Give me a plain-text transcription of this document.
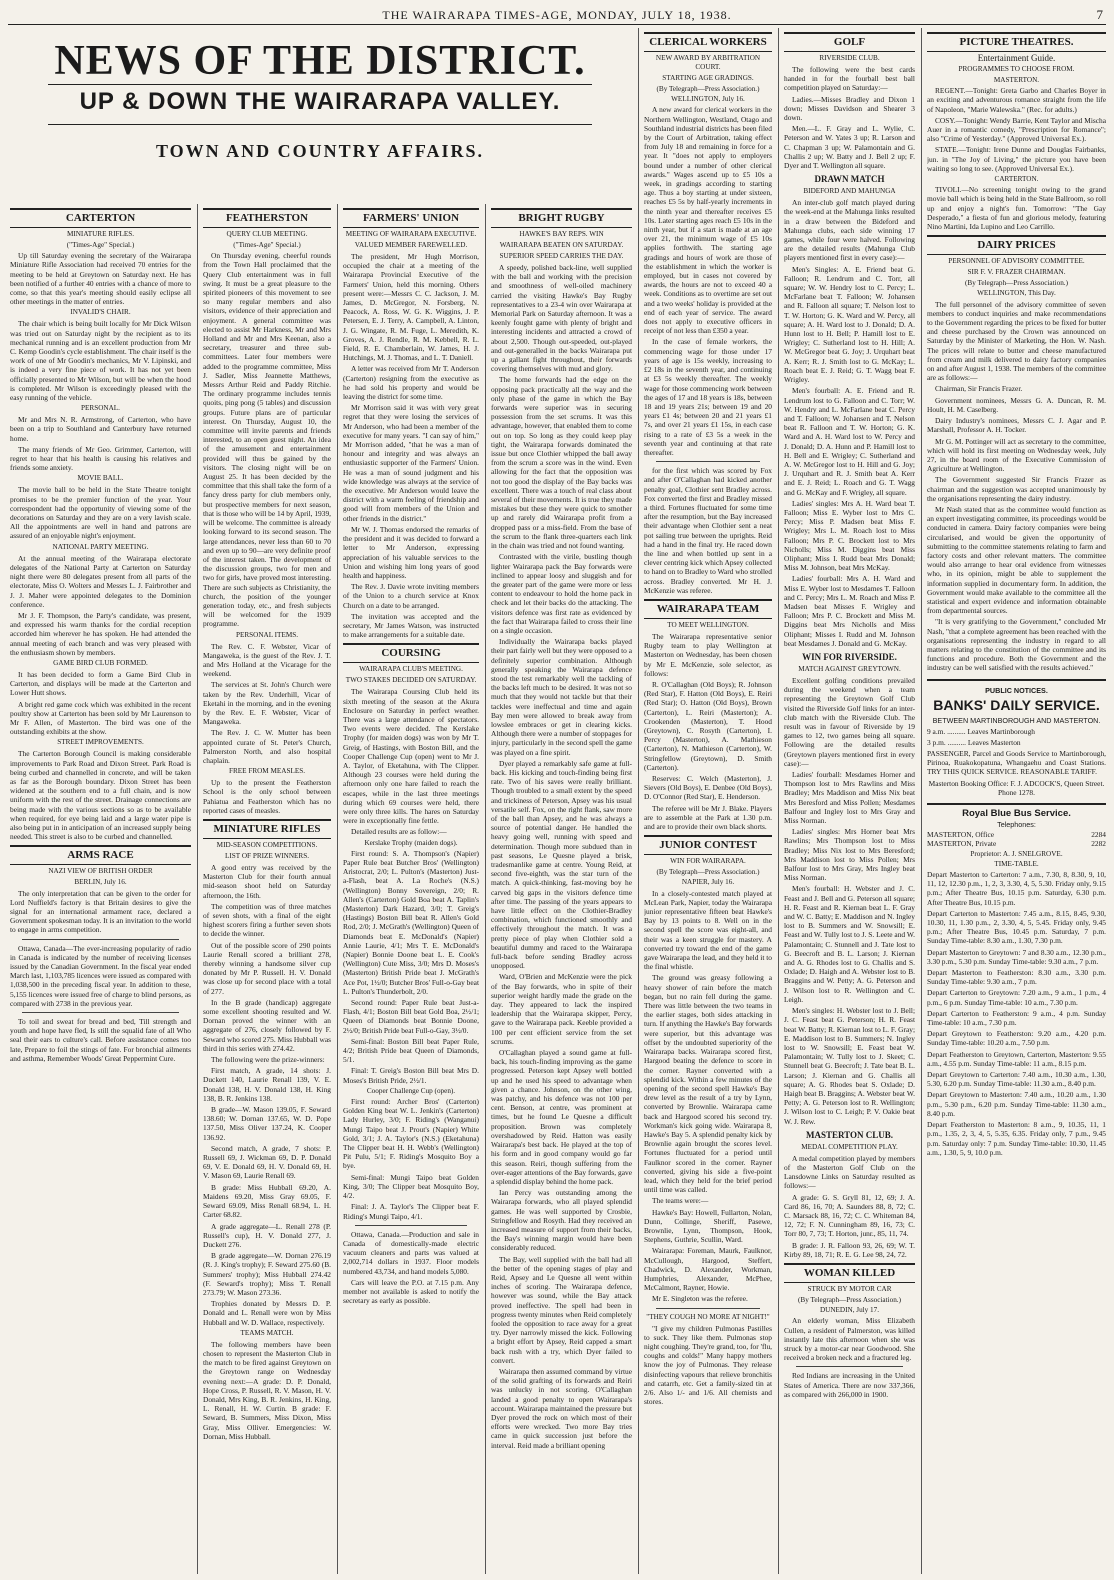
THE WAIRARAPA TIMES-AGE, MONDAY, JULY 18, 1938.	7
NEWS OF THE DISTRICT.
UP & DOWN THE WAIRARAPA VALLEY.
TOWN AND COUNTRY AFFAIRS.
CARTERTON
MINIATURE RIFLES.
("Times-Age" Special.)

Up till Saturday evening the secretary of the Wairarapa Miniature Rifle Association had received 70 entries for the meeting to be held at Greytown on Saturday next. He has been notified of a further 40 entries with a chance of more to come, so that this year's meeting should easily eclipse all other meetings in the matter of entries.

INVALID'S CHAIR.

The chair which is being built locally for Mr Dick Wilson was tried out on Saturday night by the recipient as to its mechanical running and is an excellent production from Mr C. Kemp Goodin's cycle establishment. The chair itself is the work of one of Mr Goodin's mechanics, Mr V. Lipinski, and is indeed a very fine piece of work. It has not yet been officially presented to Mr Wilson, but will be when the hood is completed. Mr Wilson is exceedingly pleased with the easy running of the vehicle.

PERSONAL.

Mr and Mrs N. R. Armstrong, of Carterton, who have been on a trip to Southland and Canterbury have returned home.

The many friends of Mr Geo. Grimmer, Carterton, will regret to hear that his health is causing his relatives and friends some anxiety.

MOVIE BALL.

The movie ball to be held in the State Theatre tonight promises to be the premier function of the year. Your correspondent had the opportunity of viewing some of the decorations on Saturday and they are on a very lavish scale. All the appointments are well in hand and patrons are assured of an enjoyable night's enjoyment.

NATIONAL PARTY MEETING.

At the annual meeting of the Wairarapa electorate delegates of the National Party at Carterton on Saturday night there were 80 delegates present from all parts of the electorate, Miss O. Wolters and Messrs L. J. Fairbrother and J. J. Maher were appointed delegates to the Dominion conference.

Mr J. F. Thompson, the Party's candidate, was present, and expressed his warm thanks for the cordial reception accorded him wherever he has spoken. He had attended the annual meeting of each branch and was very pleased with the enthusiasm shown by members.

GAME BIRD CLUB FORMED.

It has been decided to form a Game Bird Club in Carterton, and displays will be made at the Carterton and Lower Hutt shows.

A bright red game cock which was exhibited in the recent poultry show at Carterton has been sold by Mr Laurenson to Mr F. Allen, of Masterton. The bird was one of the outstanding exhibits at the show.

STREET IMPROVEMENTS.

The Carterton Borough Council is making considerable improvements to Park Road and Dixon Street. Park Road is being curbed and channelled in concrete, and will be taken as far as the Borough boundary. Dixon Street has been widened at the southern end to a full chain, and is now uniform with the rest of the street. Drainage connections are being made with the various sections so as to be available when required, for eye being laid and a large water pipe is also being put in in anticipation of an increased supply being needed. This street is also to be curbed and channelled.

ARMS RACE
NAZI VIEW OF BRITISH ORDER
BERLIN, July 16.

The only interpretation that can be given to the order for Lord Nuffield's factory is that Britain desires to give the signal for an international armament race, declared a Government spokesman today. It is an invitation to the world to engage in arms competition.

Ottawa, Canada—The ever-increasing popularity of radio in Canada is indicated by the number of receiving licenses issued by the Canadian Government. In the fiscal year ended March last, 1,103,785 licences were issued as compared with 1,038,500 in the preceding fiscal year. In addition to these, 5,155 licences were issued free of charge to blind persons, as compared with 2738 in the previous year.

To toil and sweat for bread and bed, Till strength and youth and hope have fled, Is still the squalid fate of all Who seal their ears to culture's call. Before assistance comes too late, Prepare to foil the stings of fate. For bronchial ailments and asthma, Remember Woods' Great Peppermint Cure.

FEATHERSTON
QUERY CLUB MEETING.
("Times-Age" Special.)

On Thursday evening, cheerful rounds from the Town Hall proclaimed that the Query Club entertainment was in full swing. It must be a great pleasure to the spirited pioneers of this movement to see so many regular members and also visitors, evidence of their appreciation and enjoyment. A general committee was elected to assist Mr Harkness, Mr and Mrs Holland and Mr and Mrs Keenan, also a secretary, treasurer and three sub-committees. Later four members were added to the programme committee, Miss J. Sadler, Miss Jeannette Matthews, Messrs Arthur Reid and Paddy Ritchie. The ordinary programme includes tennis quoits, ping pong (5 tables) and discussion groups. Future plans are of particular interest. On Thursday, August 10, the committee will invite parents and friends interested, to an open guest night. An idea of the amusement and entertainment provided will thus be gained by the visitors. The closing night will be on August 25. It has been decided by the committee that this shall take the form of a fancy dress party for club members only, but prospective members for next season, that is those who will be 14 by April, 1939, will be welcome. The committee is already looking forward to its second season. The large attendances, never less than 60 to 70 and even up to 90—are very definite proof of the interest taken. The development of the discussion groups, two for men and two for girls, have proved most interesting. There are such subjects as Christianity, the church, the position of the younger generation today, etc., and fresh subjects will be welcomed for the 1939 programme.

PERSONAL ITEMS.

The Rev. C. F. Webster, Vicar of Mangaweka, is the guest of the Rev. J. T. and Mrs Holland at the Vicarage for the weekend.

The services at St. John's Church were taken by the Rev. Underhill, Vicar of Eketahi in the morning, and in the evening by the Rev. E. F. Webster, Vicar of Mangaweka.

The Rev. J. C. W. Mutter has been appointed curate of St. Peter's Church, Palmerston North, and also hospital chaplain.

FREE FROM MEASLES.

Up to the present the Featherston School is the only school between Pahiatua and Featherston which has no reported cases of measles.

MINIATURE RIFLES
MID-SEASON COMPETITIONS.
LIST OF PRIZE WINNERS.

A good entry was received by the Masterton Club for their fourth annual mid-season shoot held on Saturday afternoon, the 16th.

The competition was of three matches of seven shots, with a final of the eight highest scorers firing a further seven shots to decide the winner.

Out of the possible score of 290 points Laurie Renall scored a brilliant 278, thereby winning a handsome silver cup donated by Mr P. Russell. H. V. Donald was close up for second place with a total of 277.

In the B grade (handicap) aggregate some excellent shooting resulted and W. Dornan proved the winner with an aggregate of 276, closely followed by F. Seward who scored 275. Miss Hubball was third in this series with 274.42.

The following were the prize-winners:

First match, A grade, 14 shots: J. Duckett 140, Laurie Renall 139, V. E. Donald 138, H. V. Donald 138, H. King 138, B. R. Jenkins 138.

B grade—W. Mason 139.05, F. Seward 138.60; W. Dornan 137.65, W. D. Pope 137.50, Miss Oliver 137.24, K. Cooper 136.92.

Second match, A grade, 7 shots: P. Russell 69, J. Wickman 69, D. P. Donald 69, V. E. Donald 69, H. V. Donald 69, H. V. Mason 69, Laurie Renall 69.

B grade: Miss Hubball 69.20, A. Maidens 69.20, Miss Gray 69.05, F. Seward 69.09, Miss Renall 68.94, L. H. Carter 68.82.

A grade aggregate—L. Renall 278 (P. Russell's cup), H. V. Donald 277, J. Duckett 276.

B grade aggregate—W. Dornan 276.19 (R. J. King's trophy); F. Seward 275.60 (B. Summers' trophy); Miss Hubball 274.42 (F. Seward's trophy); Miss T. Renall 273.79; W. Mason 273.36.

Trophies donated by Messrs D. P. Donald and L. Renall were won by Miss Hubball and W. D. Wallace, respectively.

TEAMS MATCH.

The following members have been chosen to represent the Masterton Club in the match to be fired against Greytown on the Greytown range on Wednesday evening next:—A grade: D. P. Donald, Hope Cross, P. Russell, R. V. Mason, H. V. Donald, Mrs King, B. R. Jenkins, H. King, L. Renall, H. W. Curtin. B grade: F. Seward, B. Summers, Miss Dixon, Miss Gray, Miss Olliver. Emergencies: W. Dornan, Miss Hubball.

FARMERS' UNION
MEETING OF WAIRARAPA EXECUTIVE.
VALUED MEMBER FAREWELLED.

The president, Mr Hugh Morrison, occupied the chair at a meeting of the Wairarapa Provincial Executive of the Farmers' Union, held this morning. Others present were:—Messrs C. C. Jackson, J. M. James, D. McGregor, N. Forsberg, N. Peacock, A. Ross, W. G. K. Wiggins, J. P. Petersen, E. J. Terry, A. Campbell, A. Linton, J. G. Wingate, R. M. Fuge, L. Meredith, K. Groves, A. J. Rendle, R. M. Kebbell, R. L. Field, R. E. Chamberlain, W. James, H. J. Hutchings, M. J. Thomas, and L. T. Daniell.

A letter was received from Mr T. Anderson (Carterton) resigning from the executive as he had sold his property and would be leaving the district for some time.

Mr Morrison said it was with very great regret that they were losing the services of Mr Anderson, who had been a member of the executive for many years. "I can say of him," Mr Morrison added, "that he was a man of honour and integrity and was always an enthusiastic supporter of the Farmers' Union. He was a man of sound judgment and his wide knowledge was always at the service of the executive. Mr Anderson would leave the district with a warm feeling of friendship and good will from members of the Union and other friends in the district."

Mr W. J. Thomas endorsed the remarks of the president and it was decided to forward a letter to Mr Anderson, expressing appreciation of his valuable services to the Union and wishing him long years of good health and happiness.

The Rev. J. Davie wrote inviting members of the Union to a church service at Knox Church on a date to be arranged.

The invitation was accepted and the secretary, Mr James Watson, was instructed to make arrangements for a suitable date.

COURSING
WAIRARAPA CLUB'S MEETING.
TWO STAKES DECIDED ON SATURDAY.

The Wairarapa Coursing Club held its sixth meeting of the season at the Akura Enclosure on Saturday in perfect weather. There was a large attendance of spectators. Two events were decided. The Kerslake Trophy (for maiden dogs) was won by Mr T. Greig, of Hastings, with Boston Bill, and the Cooper Challenge Cup (open) went to Mr J. A. Taylor, of Eketahuna, with The Clipper. Although 23 courses were held during the afternoon only one hare failed to reach the escapes, while in the last three meetings during which 69 courses were held, there were only three kills. The hares on Saturday were in exceptionally fine fettle.

Detailed results are as follow:—

Kerslake Trophy (maiden dogs).

First round: S. A. Thompson's (Napier) Paper Rule beat Butcher Bros' (Wellington) Aristocrat, 2/0; L. Pulton's (Masterton) Just-a-Flash, beat A. La Roche's (N.S.) (Wellington) Bonny Sovereign, 2/0; R. Allen's (Carterton) Gold Boa beat A. Taplin's (Masterton) Dark Hazard, 3/0; T. Greig's (Hastings) Boston Bill beat R. Allen's Gold Rod, 2/0; J. McGrath's (Wellington) Queen of Diamonds beat E. McDonald's (Napier) Annie Laurie, 4/1; Mrs T. E. McDonald's (Napier) Bonnie Doone beat L. E. Cook's (Wellington) Cute Miss, 3/0; Mrs D. Moses's (Masterton) British Pride beat J. McGrath's Ace Pot, 1½/0; Butcher Bros' Full-o-Gay beat L. Pulton's Thunderbolt, 2/0.

Second round: Paper Rule beat Just-a-Flash, 4/1; Boston Bill beat Gold Boa, 2½/1; Queen of Diamonds beat Bonnie Doone, 2½/0; British Pride beat Full-o-Gay, 3½/0.

Semi-final: Boston Bill beat Paper Rule, 4/2; British Pride beat Queen of Diamonds, 5/1.

Final: T. Greig's Boston Bill beat Mrs D. Moses's British Pride, 2½/1.

Cooper Challenge Cup (open).

First round: Archer Bros' (Carterton) Golden King beat W. L. Jenkin's (Carterton) Lady Hurley, 3/0; F. Riding's (Wanganui) Mungi Taipo beat J. Prout's (Napier) White Gold, 3/1; J. A. Taylor's (N.S.) (Eketahuna) The Clipper beat H. H. Webb's (Wellington) Pit Pulu, 5/1; F. Riding's Mosquito Boy a bye.

Semi-final: Mungi Taipo beat Golden King, 3/0; The Clipper beat Mosquito Boy, 4/2.

Final: J. A. Taylor's The Clipper beat F. Riding's Mungi Taipo, 4/1.

Ottawa, Canada.—Production and sale in Canada of domestically-made electric vacuum cleaners and parts was valued at 2,002,714 dollars in 1937. Floor models numbered 43,734, and hand models 5,080.

Cars will leave the P.O. at 7.15 p.m. Any member not available is asked to notify the secretary as early as possible.

BRIGHT RUGBY
HAWKE'S BAY REPS. WIN
WAIRARAPA BEATEN ON SATURDAY.
SUPERIOR SPEED CARRIES THE DAY.

A speedy, polished back-line, well supplied with the ball and working with the precision and smoothness of well-oiled machinery carried the visiting Hawke's Bay Rugby representatives to a 23-4 win over Wairarapa at Memorial Park on Saturday afternoon. It was a keenly fought game with plenty of bright and interesting incidents and attracted a crowd of about 2,500. Though out-speeded, out-played and out-generalled in the backs Wairarapa put up a gallant fight throughout, their forwards covering themselves with mud and glory.

The home forwards had the edge on the opposing pack practically all the way and the only phase of the game in which the Bay forwards were superior was in securing possession from the set scrums. It was this advantage, however, that enabled them to come out on top. So long as they could keep play tight, the Wairarapa forwards dominated the issue but once Clothier whipped the ball away from the scrum a score was in the wind. Even allowing for the fact that the opposition was not too good the display of the Bay backs was excellent. There was a touch of real class about several of their movements. It is true they made mistakes but these they were quick to smother up and rarely did Wairarapa profit from a dropped pass or a miss-field. From the base of the scrum to the flank three-quarters each link in the chain was tried and not found wanting.

Contrasted with the virile, bustling though lighter Wairarapa pack the Bay forwards were inclined to appear loosy and sluggish and for the greater part of the game were more or less content to endeavour to hold the home pack in check and let their backs do the attacking. The visitors defence was first rate as evidenced by the fact that Wairarapa failed to cross their line on a single occasion.

Individually the Wairarapa backs played their part fairly well but they were opposed to a definitely superior combination. Although generally speaking the Wairarapa defence stood the test remarkably well the tackling of the backs left much to be desired. It was not so much that they would not tackle but that their tackles were ineffectual and time and again Bay men were allowed to break away from lowslee embraces or get in clearing kicks. Although there were a number of stoppages for injury, particularly in the second spell the game was played on a fine spirit.

Dyer played a remarkably safe game at full-back. His kicking and touch-finding being first rate. Two of his saves were really brilliant. Though troubled to a small extent by the speed and trickiness of Peterson, Apsey was his usual versatile self. Fox, on the right flank, saw more of the ball than Apsey, and he was always a source of potential danger. He handled the heavy going well, running with speed and determination. Though more subdued than in past seasons, Le Quesne played a brisk, tradesmanlike game at centre. Young Reid, at second five-eighth, was the star turn of the match. A quick-thinking, fast-moving boy he carved big gaps in the visitors defence time after time. The passing of the years appears to have little effect on the Clothier-Bradley combination, which functioned smoothly and effectively throughout the match. It was a pretty piece of play when Clothier sold a beautiful dummy and raced to the Wairarapa full-back before sending Bradley across unopposed.

Ward, O'Brien and McKenzie were the pick of the Bay forwards, who in spite of their superior weight hardly made the grade on the day. They appeared to lack the inspired leadership that the Wairarapa skipper, Percy, gave to the Wairarapa pack. Keeble provided a 100 per cent efficient service from the set scrums.

O'Callaghan played a sound game at full-back, his touch-finding improving as the game progressed. Peterson kept Apsey well bottled up and he used his speed to advantage when given a chance. Johnson, on the other wing, was patchy, and his defence was not 100 per cent. Benson, at centre, was prominent at times, but he found Le Quesne a difficult proposition. Brown was completely overshadowed by Reid. Hatton was easily Wairarapa's best back. He played at the top of his form and in good company would go far this season. Reiri, though suffering from the over-eager attentions of the Bay forwards, gave a splendid display behind the home pack.

Ian Percy was outstanding among the Wairarapa forwards, who all played splendid games. He was well supported by Crosbie, Stringfellow and Rosyth. Had they received an increased measure of support from their backs, the Bay's winning margin would have been considerably reduced.

The Bay, well supplied with the ball had all the better of the opening stages of play and Reid, Apsey and Le Quesne all went within inches of scoring. The Wairarapa defence, however was sound, while the Bay attack proved ineffective. The spell had been in progress twenty minutes when Reid completely fooled the opposition to race away for a great try. Dyer narrowly missed the kick. Following a bright effort by Apsey, Reid capped a smart back rush with a try, which Dyer failed to convert.

Wairarapa then assumed command by virtue of the solid grafting of its forwards and Reiri was unlucky in not scoring. O'Callaghan landed a good penalty to open Wairarapa's account. Wairarapa maintained the pressure but Dyer proved the rock on which most of their efforts were wrecked. Two more Bay tries came in quick succession just before the interval. Reid made a brilliant opening

CLERICAL WORKERS
NEW AWARD BY ARBITRATION COURT.
STARTING AGE GRADINGS.
(By Telegraph—Press Association.)
WELLINGTON, July 16.

A new award for clerical workers in the Northern Wellington, Westland, Otago and Southland industrial districts has been filed by the Court of Arbitration, taking effect from July 18 and remaining in force for a year. It "does not apply to employers bound under a number of other clerical awards." Wages ascend up to £5 10s a week, in gradings according to starting age. Thus a boy starting at under sixteen, reaches £5 5s by half-yearly increments in the ninth year and thereafter receives £5 10s. Later starting ages reach £5 10s in the ninth year, but if a start is made at an age over 21, the minimum wage of £5 10s applies forthwith. The starting age gradings and hours of work are those of the establishment in which the worker is employed, but in cases not covered by awards, the hours are not to exceed 40 a week. Conditions as to overtime are set out and a two weeks' holiday is provided at the end of each year of service. The award does not apply to executive officers in receipt of not less than £350 a year.

In the case of female workers, the commencing wage for those under 17 years of age is 15s weekly, increasing to £2 18s in the seventh year, and continuing at £3 5s weekly thereafter. The weekly wage for those commencing work between the ages of 17 and 18 years is 18s, between 18 and 19 years 21s; between 19 and 20 years £1 4s; between 20 and 21 years £1 7s, and over 21 years £1 15s, in each case rising to a rate of £3 5s a week in the seventh year and continuing at that rate thereafter.

for the first which was scored by Fox and after O'Callaghan had kicked another penalty goal, Clothier sent Bradley across. Fox converted the first and Bradley missed a third. Fortunes fluctuated for some time after the resumption, but the Bay increased their advantage when Clothier sent a neat pot sailing true between the uprights. Reid had a hand in the final try. He raced down the line and when bottled up sent in a clever centring kick which Apsey collected to hand on to Bradley to Ward who strolled across. Bradley converted. Mr H. J. McKenzie was referee.

WAIRARAPA TEAM
TO MEET WELLINGTON.

The Wairarapa representative senior Rugby team to play Wellington at Masterton on Wednesday, has been chosen by Mr E. McKenzie, sole selector, as follows:

R. O'Callaghan (Old Boys); R. Johnson (Red Star), F. Hatton (Old Boys), E. Reiri (Red Star); O. Hatton (Old Boys), Brown (Carterton), L. Reiri (Masterton); A. Crookenden (Masterton), T. Hood (Greytown), C. Rosyth (Carterton), I. Percy (Masterton), A. Mathieson (Carterton), N. Mathieson (Carterton), W. Stringfellow (Greytown), D. Smith (Carterton).

Reserves: C. Welch (Masterton), J. Sievers (Old Boys), E. Denbee (Old Boys), D. O'Connor (Red Star), E. Henderson.

The referee will be Mr J. Blake. Players are to assemble at the Park at 1.30 p.m. and are to provide their own black shorts.

JUNIOR CONTEST
WIN FOR WAIRARAPA.
(By Telegraph—Press Association.)
NAPIER, July 16.

In a closely-contested match played at McLean Park, Napier, today the Wairarapa junior representative fifteen beat Hawke's Bay by 13 points to 8. Well on in the second spell the score was eight-all, and their was a keen struggle for mastery. A converted try toward the end of the game gave Wairarapa the lead, and they held it to the final whistle.

The ground was greasy following a heavy shower of rain before the match began, but no rain fell during the game. There was little between the two teams in the earlier stages, both sides attacking in turn. If anything the Hawke's Bay forwards were superior, but this advantage was offset by the undoubted superiority of the Wairarapa backs. Wairarapa scored first, Hargood beating the defence to score in the corner. Rayner converted with a splendid kick. Within a few minutes of the opening of the second spell Hawke's Bay drew level as the result of a try by Lynn, converted by Brownlie. Wairarapa came back and Hargood scored his second try. Workman's kick going wide. Wairarapa 8, Hawke's Bay 5. A splendid penalty kick by Brownlie again brought the scores level. Fortunes fluctuated for a period until Faulknor scored in the corner. Rayner converted, giving his side a five-point lead, which they held for the brief period until time was called.

The teams were:—

Hawke's Bay: Howell, Fullarton, Nolan, Dunn, Collinge, Sheriff, Pasewe, Brownlie, Lynn, Thompson, Hook, Stephens, Guthrie, Scullin, Ward.

Wairarapa: Foreman, Maurk, Faulknor, McCullough, Hargood, Steffert, Chadwick, D. Alexander, Workman, Humphries, Alexander, McPhee, McCalmont, Rayner, Howie.

Mr E. Singleton was the referee.

"THEY COUGH NO MORE AT NIGHT!"

"I give my children Pulmonas Pastilles to suck. They like them. Pulmonas stop night coughing. They're grand, too, for 'flu, coughs and colds!" Many happy mothers know the joy of Pulmonas. They release disinfecting vapours that relieve bronchitis and catarrh, etc. Get a family-sized tin at 2/6. Also 1/- and 1/6. All chemists and stores.

GOLF
RIVERSIDE CLUB.

The following were the best cards handed in for the fourball best ball competition played on Saturday:—

Ladies.—Misses Bradley and Dixon 1 down; Misses Davidson and Shearer 3 down.

Men.—L. F. Gray and L. Wylie, C. Peterson and W. Yates 3 up; R. Larson and C. Chapman 3 up; W. Palamontain and G. Challis 2 up; W. Batty and J. Bell 2 up; F. Dyer and T. Wellington all square.

DRAWN MATCH
BIDEFORD AND MAHUNGA

An inter-club golf match played during the week-end at the Mahunga links resulted in a draw between the Bideford and Mahunga clubs, each side winning 17 games, while four were halved. Following are the detailed results (Mahunga Club players mentioned first in every case):—

Men's Singles: A. E. Friend beat G. Falloon; R. Lendrum and C. Torr, all square; W. W. Hendry lost to C. Percy; L. McFarlane beat T. Falloon; W. Johansen and R. Falloon all square; T. Nelson lost to T. W. Horton; G. K. Ward and W. Percy, all square; A. H. Ward lost to J. Donald; D. A. Hunn lost to H. Bell; P. Hamill lost to E. Wrigley; C. Sutherland lost to H. Hill; A. W. McGregor beat G. Joy; J. Urquhart beat A. Kerr; R. J. Smith lost to G. McKay; L. Roach beat E. J. Reid; G. T. Wagg beat F. Wrigley.

Men's fourball: A. E. Friend and R. Lendrum lost to G. Falloon and C. Torr; W. W. Hendry and L. McFarlane beat C. Percy and T. Falloon; W. Johansen and T. Nelson beat R. Falloon and T. W. Horton; G. K. Ward and A. H. Ward lost to W. Percy and J. Donald; D. A. Hunn and P. Hamill lost to H. Bell and E. Wrigley; C. Sutherland and A. W. McGregor lost to H. Hill and G. Joy; J. Urquhart and R. J. Smith beat A. Kerr and E. J. Reid; L. Roach and G. T. Wagg and G. McKay and F. Wrigley, all square.

Ladies' singles: Mrs A. H. Ward beat T. Falloon; Miss E. Wyber lost to Mrs C. Percy; Miss P. Madsen beat Miss F. Wrigley; Mrs L. M. Roach lost to Miss Falloon; Mrs P. C. Brockett lost to Mrs Nicholls; Miss M. Diggins beat Miss Oliphant; Miss I. Rudd beat Mrs Donald; Miss M. Johnson, beat Mrs McKay.

Ladies' fourball: Mrs A. H. Ward and Miss E. Wyber lost to Mesdames T. Falloon and C. Percy; Mrs L. M. Roach and Miss P. Madsen beat Misses F. Wrigley and Falloon; Mrs P. C. Brockett and Miss M. Diggins beat Mrs Nicholls and Miss Oliphant; Misses I. Rudd and M. Johnson beat Mesdames J. Donald and G. McKay.

WIN FOR RIVERSIDE.
MATCH AGAINST GREYTOWN.

Excellent golfing conditions prevailed during the weekend when a team representing the Greytown Golf Club visited the Riverside Golf links for an inter-club match with the Riverside Club. The result was in favour of Riverside by 19 games to 12, two games being all square. Following are the detailed results (Greytown players mentioned first in every case):—

Ladies' fourball: Mesdames Horner and Thompson lost to Mrs Rawlins and Miss Bradley; Mrs Maddison and Miss Nix beat Mrs Beresford and Miss Pollen; Mesdames Balfour and Ingley lost to Mrs Gray and Miss Norman.

Ladies' singles: Mrs Horner beat Mrs Rawlins; Mrs Thompson lost to Miss Bradley; Miss Nix lost to Mrs Beresford; Mrs Maddison lost to Miss Pollen; Mrs Balfour lost to Mrs Gray, Mrs Ingley beat Miss Norman.

Men's fourball: H. Webster and J. C. Feast and J. Bell and G. Peterson all square; H. R. Feast and R. Kiernan beat L. F. Gray and W. C. Batty; E. Maddison and N. Ingley lost to B. Summers and W. Snowsill; E. Feast and W. Tully lost to J. S. Leete and W. Palamontain; C. Stunnell and J. Tate lost to G. Beecroft and B. L. Larson; J. Kiernan and A. G. Rhodes lost to G. Challis and S. Oxlade; D. Haigh and A. Webster lost to B. Braggins and W. Petty; A. G. Peterson and J. Wilson lost to R. Wellington and C. Leigh.

Men's singles: H. Webster lost to J. Bell; J. C. Feast beat G. Peterson; H. R. Feast beat W. Batty; R. Kiernan lost to L. F. Gray; E. Maddison lost to B. Summers; N. Ingley lost to W. Snowsill; E. Feast beat W. Palamontain; W. Tully lost to J. Skeet; C. Stunnell beat G. Beecroft; J. Tate beat B. L. Larson; J. Kiernan and G. Challis all square; A. G. Rhodes beat S. Oxlade; D. Haigh beat B. Braggins; A. Webster beat W. Petty; A. G. Peterson lost to R. Wellington; J. Wilson lost to C. Leigh; P. V. Oakie beat W. J. Rew.

MASTERTON CLUB.
MEDAL COMPETITION PLAY.

A medal competition played by members of the Masterton Golf Club on the Lansdowne Links on Saturday resulted as follows:—

A grade: G. S. Gryll 81, 12, 69; J. A. Card 86, 16, 70; A. Saunders 88, 8, 72; C. C. Marsack 88, 16, 72; C. C. Whiteman 84, 12, 72; F. N. Cunningham 89, 16, 73; C. Torr 80, 7, 73; T. Horton, junr., 85, 11, 74.

B grade: J. R. Falloon 93, 26, 69; W. T. Kirby 89, 18, 71; R. E. G. Lee 98, 24, 72.

WOMAN KILLED
STRUCK BY MOTOR CAR
(By Telegraph—Press Association.)
DUNEDIN, July 17.

An elderly woman, Miss Elizabeth Cullen, a resident of Palmerston, was killed instantly late this afternoon when she was struck by a motor-car near Goodwood. She received a broken neck and a fractured leg.

Red Indians are increasing in the United States of America. There are now 337,366, as compared with 266,000 in 1900.

PICTURE THEATRES.
Entertainment Guide.
PROGRAMMES TO CHOOSE FROM.
MASTERTON.

REGENT.—Tonight: Greta Garbo and Charles Boyer in an exciting and adventurous romance straight from the life of Napoleon, "Marie Walewska." (Rec. for adults.)

COSY.—Tonight: Wendy Barrie, Kent Taylor and Mischa Auer in a romantic comedy, "Prescription for Romance"; also "Crime of Yesterday." (Approved Universal Ex.).

STATE.—Tonight: Irene Dunne and Douglas Fairbanks, jun. in "The Joy of Living," the picture you have been waiting so long to see. (Approved Universal Ex.).

CARTERTON.

TIVOLI.—No screening tonight owing to the grand movie ball which is being held in the State Ballroom, so roll up and enjoy a night's fun. Tomorrow: "The Gay Desperado," a fiesta of fun and glorious melody, featuring Nino Martini, Ida Lupino and Leo Carrillo.

DAIRY PRICES
PERSONNEL OF ADVISORY COMMITTEE.
SIR F. V. FRAZER CHAIRMAN.
(By Telegraph—Press Association.)
WELLINGTON, This Day.

The full personnel of the advisory committee of seven members to conduct inquiries and make recommendations to the Government regarding the prices to be fixed for butter and cheese purchased by the Crown was announced on Saturday by the Minister of Marketing, the Hon. W. Nash. The prices will relate to butter and cheese manufactured from cream and milk delivered to dairy factory companies on and after August 1, 1938. The members of the committee are as follows:—

Chairman, Sir Francis Frazer.

Government nominees, Messrs G. A. Duncan, R. M. Hoult, H. M. Caselberg.

Dairy Industry's nominees, Messrs C. J. Agar and P. Marshall, Professor A. H. Tocker.

Mr G. M. Pottinger will act as secretary to the committee, which will hold its first meeting on Wednesday week, July 27, in the board room of the Executive Commission of Agriculture at Wellington.

The Government suggested Sir Francis Frazer as chairman and the suggestion was accepted unanimously by the organisations representing the dairy industry.

Mr Nash stated that as the committee would function as an expert investigating committee, its proceedings would be conducted in camera. Dairy factory companies were being circularised, and would be given the opportunity of submitting to the committee statements relating to farm and factory costs and other relevant matters. The committee would also arrange to hear oral evidence from witnesses who, in its opinion, might be able to supplement the information supplied in documentary form. In addition, the Government would make available to the committee all the statistical and expert evidence and information obtainable from departmental sources.

"It is very gratifying to the Government," concluded Mr Nash, "that a complete agreement has been reached with the organisations representing the industry in regard to all matters relating to the constitution of the committee and its functions and procedure. Both the Government and the industry can be well satisfied with the results achieved."

PUBLIC NOTICES.
BANKS' DAILY SERVICE.
BETWEEN MARTINBOROUGH AND MASTERTON.

9 a.m. .......... Leaves Martinborough

3 p.m. .......... Leaves Masterton

PASSENGER, Parcel and Goods Service to Martinborough, Pirinoa, Ruakokopatuna, Whangaehu and Coast Stations. TRY THIS QUICK SERVICE. REASONABLE TARIFF.

Masterton Booking Office: F. J. ADCOCK'S, Queen Street. Phone 1278.

Royal Blue Bus Service.
Telephones:
MASTERTON, Office	2284
MASTERTON, Private	2282
Proprietor: A. J. SNELGROVE.
TIME-TABLE.

Depart Masterton to Carterton: 7 a.m., 7.30, 8, 8.30, 9, 10, 11, 12, 12.30 p.m., 1, 2, 3, 3.30, 4, 5, 5.30. Friday only, 9.15 p.m.; After Theatre Bus, 10.15 p.m. Saturday, 6.30 p.m. After Theatre Bus, 10.15 p.m.

Depart Carterton to Masterton: 7.45 a.m., 8.15, 8.45, 9.30, 10.30, 11, 1.30 p.m., 2, 3.30, 4, 5, 5.45. Friday only, 9.45 p.m.; After Theatre Bus, 10.45 p.m. Saturday, 7 p.m. Sunday Time-table: 8.30 a.m., 1.30, 7.30 p.m.

Depart Masterton to Greytown: 7 and 8.30 a.m., 12.30 p.m., 3.30 p.m., 5.30 p.m. Sunday Time-table: 9.30 a.m., 7 p.m.

Depart Masterton to Featherston: 8.30 a.m., 3.30 p.m. Sunday Time-table: 9.30 a.m., 7 p.m.

Depart Carterton to Greytown: 7.20 a.m., 9 a.m., 1 p.m., 4 p.m., 6 p.m. Sunday Time-table: 10 a.m., 7.30 p.m.

Depart Carterton to Featherston: 9 a.m., 4 p.m. Sunday Time-table: 10 a.m., 7.30 p.m.

Depart Greytown to Featherston: 9.20 a.m., 4.20 p.m. Sunday Time-table: 10.20 a.m., 7.50 p.m.

Depart Featherston to Greytown, Carterton, Masterton: 9.55 a.m., 4.55 p.m. Sunday Time-table: 11 a.m., 8.15 p.m.

Depart Greytown to Carterton: 7.40 a.m., 10.30 a.m., 1.30, 5.30, 6.20 p.m. Sunday Time-table: 11.30 a.m., 8.40 p.m.

Depart Greytown to Masterton: 7.40 a.m., 10.20 a.m., 1.30 p.m., 5.30 p.m., 6.20 p.m. Sunday Time-table: 11.30 a.m., 8.40 p.m.

Depart Featherston to Masterton: 8 a.m., 9, 10.35, 11, 1 p.m., 1.35, 2, 3, 4, 5, 5.35, 6.35. Friday only, 7 p.m., 9.45 p.m. Saturday only: 7 p.m. Sunday Time-table: 10.30, 11.45 a.m., 1.30, 5, 9, 10.0 p.m.
